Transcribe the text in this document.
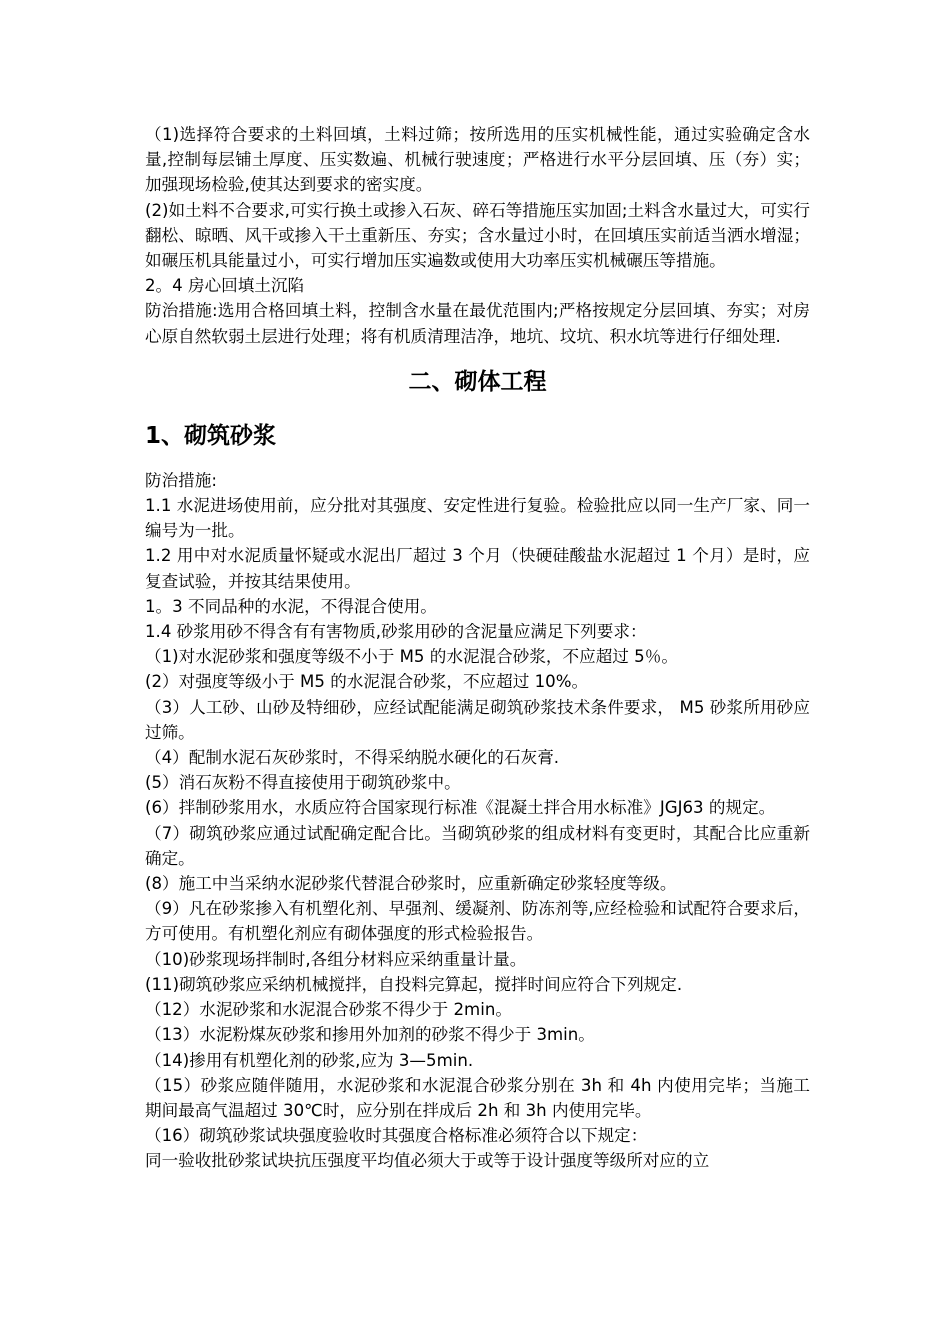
（1)选择符合要求的土料回填，土料过筛；按所选用的压实机械性能，通过实验确定含水量,控制每层铺土厚度、压实数遍、机械行驶速度；严格进行水平分层回填、压（夯）实；加强现场检验,使其达到要求的密实度。

(2)如土料不合要求,可实行换土或掺入石灰、碎石等措施压实加固;土料含水量过大，可实行翻松、晾晒、风干或掺入干土重新压、夯实；含水量过小时，在回填压实前适当洒水增湿；如碾压机具能量过小，可实行增加压实遍数或使用大功率压实机械碾压等措施。

2。4 房心回填土沉陷

防治措施:选用合格回填土料，控制含水量在最优范围内;严格按规定分层回填、夯实；对房心原自然软弱土层进行处理；将有机质清理洁净，地坑、坟坑、积水坑等进行仔细处理.

二、砌体工程
1、砌筑砂浆

防治措施:

1.1 水泥进场使用前，应分批对其强度、安定性进行复验。检验批应以同一生产厂家、同一编号为一批。

1.2 用中对水泥质量怀疑或水泥出厂超过 3 个月（快硬硅酸盐水泥超过 1 个月）是时，应复查试验，并按其结果使用。

1。3 不同品种的水泥，不得混合使用。

1.4 砂浆用砂不得含有有害物质,砂浆用砂的含泥量应满足下列要求：

（1)对水泥砂浆和强度等级不小于 M5 的水泥混合砂浆，不应超过 5％。

(2）对强度等级小于 M5 的水泥混合砂浆，不应超过 10%。

（3）人工砂、山砂及特细砂，应经试配能满足砌筑砂浆技术条件要求， M5 砂浆所用砂应过筛。

（4）配制水泥石灰砂浆时，不得采纳脱水硬化的石灰膏.

(5）消石灰粉不得直接使用于砌筑砂浆中。

(6）拌制砂浆用水，水质应符合国家现行标准《混凝土拌合用水标准》JGJ63 的规定。

（7）砌筑砂浆应通过试配确定配合比。当砌筑砂浆的组成材料有变更时，其配合比应重新确定。

(8）施工中当采纳水泥砂浆代替混合砂浆时，应重新确定砂浆轻度等级。

（9）凡在砂浆掺入有机塑化剂、早强剂、缓凝剂、防冻剂等,应经检验和试配符合要求后，方可使用。有机塑化剂应有砌体强度的形式检验报告。

（10)砂浆现场拌制时,各组分材料应采纳重量计量。

(11)砌筑砂浆应采纳机械搅拌，自投料完算起，搅拌时间应符合下列规定.

（12）水泥砂浆和水泥混合砂浆不得少于 2min。

（13）水泥粉煤灰砂浆和掺用外加剂的砂浆不得少于 3min。

（14)掺用有机塑化剂的砂浆,应为 3—5min.

（15）砂浆应随伴随用，水泥砂浆和水泥混合砂浆分别在 3h 和 4h 内使用完毕；当施工期间最高气温超过 30℃时，应分别在拌成后 2h 和 3h 内使用完毕。

（16）砌筑砂浆试块强度验收时其强度合格标准必须符合以下规定：

同一验收批砂浆试块抗压强度平均值必须大于或等于设计强度等级所对应的立
